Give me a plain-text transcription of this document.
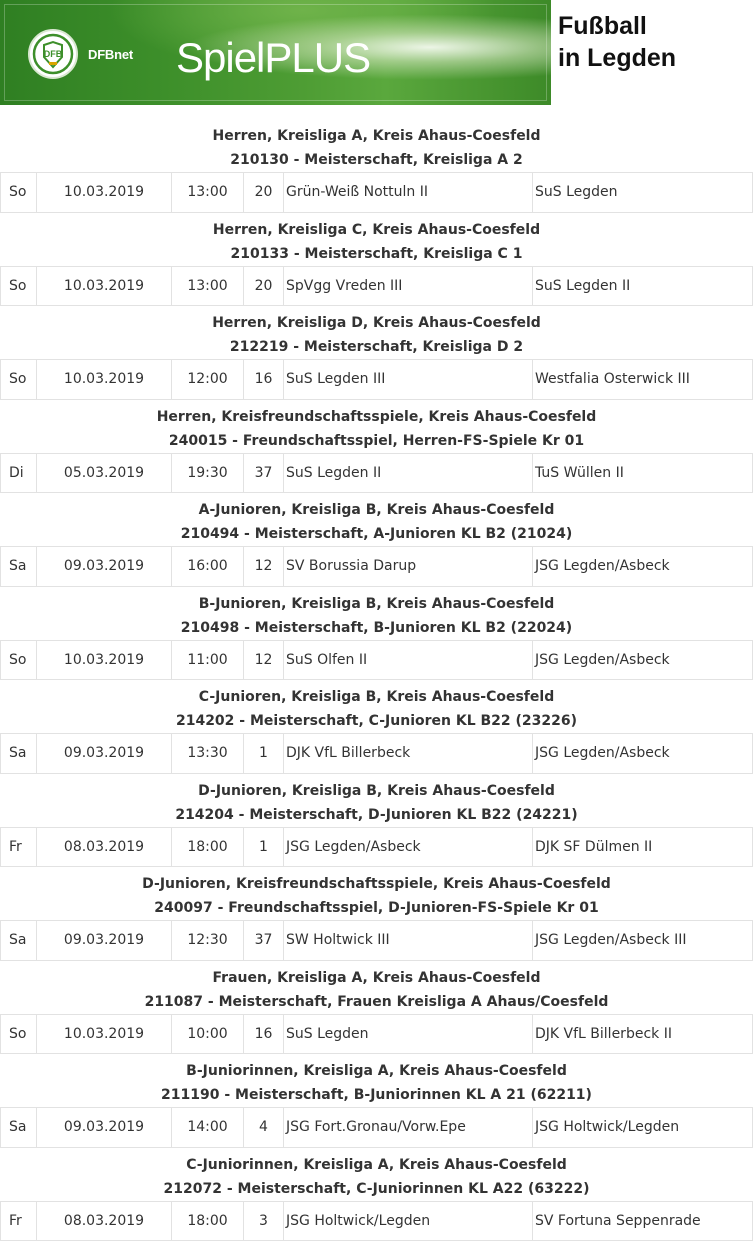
DFB DFBnet SpielPLUS
Fußball
in Legden
Herren, Kreisliga A, Kreis Ahaus-Coesfeld
210130 - Meisterschaft, Kreisliga A 2
So	10.03.2019	13:00	20 Grün-Weiß Nottuln II	SuS Legden
Herren, Kreisliga C, Kreis Ahaus-Coesfeld
210133 - Meisterschaft, Kreisliga C 1
So	10.03.2019	13:00	20 SpVgg Vreden III	SuS Legden II
Herren, Kreisliga D, Kreis Ahaus-Coesfeld
212219 - Meisterschaft, Kreisliga D 2
So	10.03.2019	12:00	16 SuS Legden III	Westfalia Osterwick III
Herren, Kreisfreundschaftsspiele, Kreis Ahaus-Coesfeld
240015 - Freundschaftsspiel, Herren-FS-Spiele Kr 01
Di	05.03.2019	19:30	37 SuS Legden II	TuS Wüllen II
A-Junioren, Kreisliga B, Kreis Ahaus-Coesfeld
210494 - Meisterschaft, A-Junioren KL B2 (21024)
Sa	09.03.2019	16:00	12 SV Borussia Darup	JSG Legden/Asbeck
B-Junioren, Kreisliga B, Kreis Ahaus-Coesfeld
210498 - Meisterschaft, B-Junioren KL B2 (22024)
So	10.03.2019	11:00	12 SuS Olfen II	JSG Legden/Asbeck
C-Junioren, Kreisliga B, Kreis Ahaus-Coesfeld
214202 - Meisterschaft, C-Junioren KL B22 (23226)
Sa	09.03.2019	13:30	1	DJK VfL Billerbeck	JSG Legden/Asbeck
D-Junioren, Kreisliga B, Kreis Ahaus-Coesfeld
214204 - Meisterschaft, D-Junioren KL B22 (24221)
Fr	08.03.2019	18:00	1	JSG Legden/Asbeck	DJK SF Dülmen II
D-Junioren, Kreisfreundschaftsspiele, Kreis Ahaus-Coesfeld
240097 - Freundschaftsspiel, D-Junioren-FS-Spiele Kr 01
Sa	09.03.2019	12:30	37 SW Holtwick III	JSG Legden/Asbeck III
Frauen, Kreisliga A, Kreis Ahaus-Coesfeld
211087 - Meisterschaft, Frauen Kreisliga A Ahaus/Coesfeld
So	10.03.2019	10:00	16 SuS Legden	DJK VfL Billerbeck II
B-Juniorinnen, Kreisliga A, Kreis Ahaus-Coesfeld
211190 - Meisterschaft, B-Juniorinnen KL A 21 (62211)
Sa	09.03.2019	14:00	4	JSG Fort.Gronau/Vorw.Epe	JSG Holtwick/Legden
C-Juniorinnen, Kreisliga A, Kreis Ahaus-Coesfeld
212072 - Meisterschaft, C-Juniorinnen KL A22 (63222)
Fr	08.03.2019	18:00	3	JSG Holtwick/Legden	SV Fortuna Seppenrade
